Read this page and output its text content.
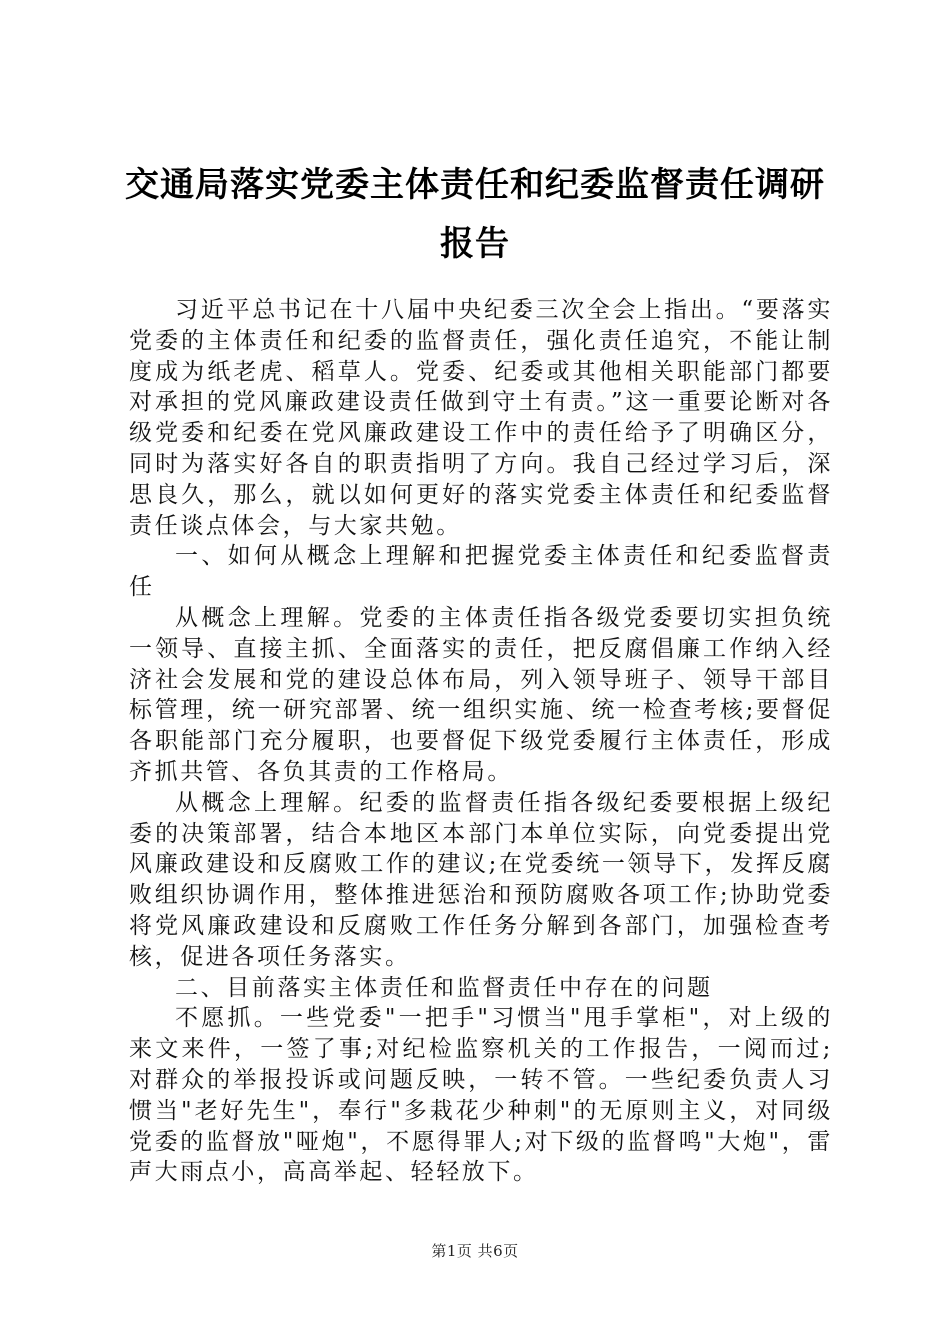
交通局落实党委主体责任和纪委监督责任调研报告

习近平总书记在十八届中央纪委三次全会上指出。“要落实党委的主体责任和纪委的监督责任，强化责任追究，不能让制度成为纸老虎、稻草人。党委、纪委或其他相关职能部门都要对承担的党风廉政建设责任做到守土有责。”这一重要论断对各级党委和纪委在党风廉政建设工作中的责任给予了明确区分，同时为落实好各自的职责指明了方向。我自己经过学习后，深思良久，那么，就以如何更好的落实党委主体责任和纪委监督责任谈点体会，与大家共勉。

一、如何从概念上理解和把握党委主体责任和纪委监督责任

从概念上理解。党委的主体责任指各级党委要切实担负统一领导、直接主抓、全面落实的责任，把反腐倡廉工作纳入经济社会发展和党的建设总体布局，列入领导班子、领导干部目标管理，统一研究部署、统一组织实施、统一检查考核;要督促各职能部门充分履职，也要督促下级党委履行主体责任，形成齐抓共管、各负其责的工作格局。

从概念上理解。纪委的监督责任指各级纪委要根据上级纪委的决策部署，结合本地区本部门本单位实际，向党委提出党风廉政建设和反腐败工作的建议;在党委统一领导下，发挥反腐败组织协调作用，整体推进惩治和预防腐败各项工作;协助党委将党风廉政建设和反腐败工作任务分解到各部门，加强检查考核，促进各项任务落实。

二、目前落实主体责任和监督责任中存在的问题

不愿抓。一些党委"一把手"习惯当"甩手掌柜"，对上级的来文来件，一签了事;对纪检监察机关的工作报告，一阅而过;对群众的举报投诉或问题反映，一转不管。一些纪委负责人习惯当"老好先生"，奉行"多栽花少种刺"的无原则主义，对同级党委的监督放"哑炮"，不愿得罪人;对下级的监督鸣"大炮"，雷声大雨点小，高高举起、轻轻放下。

第1页 共6页
